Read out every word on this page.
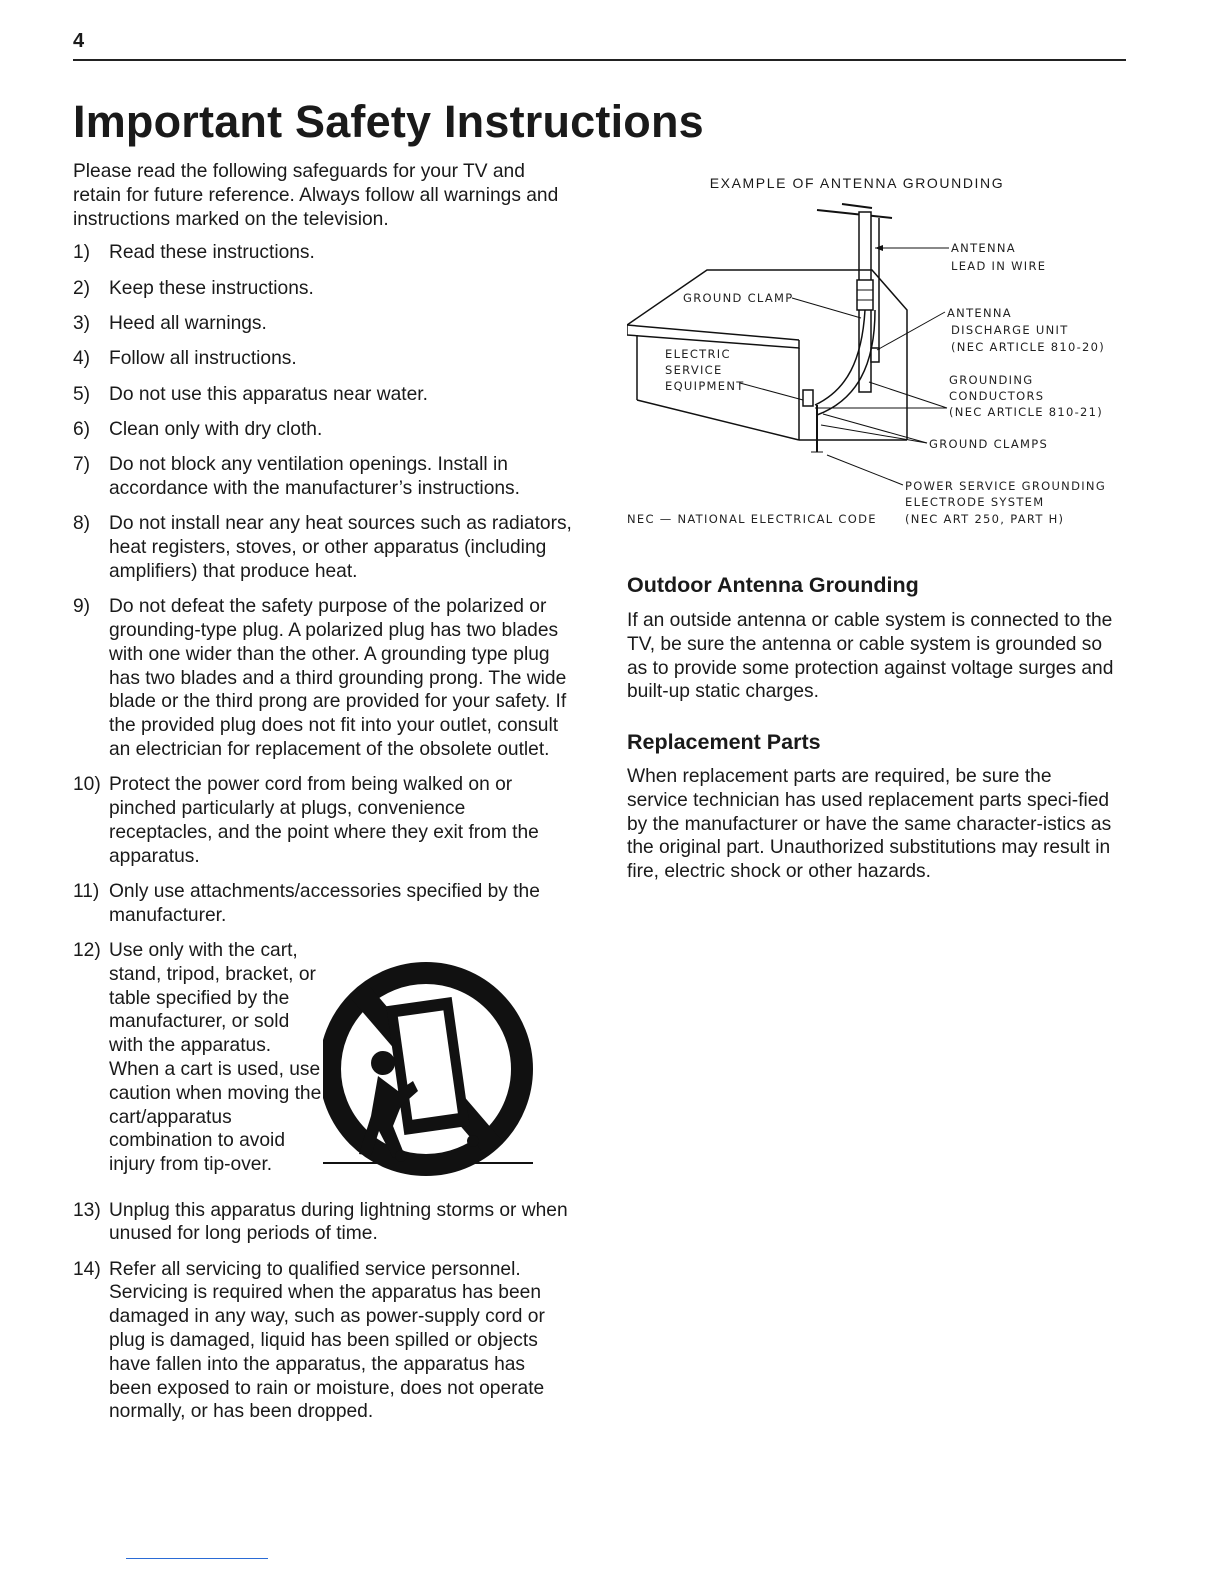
4
Important Safety Instructions

Please read the following safeguards for your TV and retain for future reference. Always follow all warnings and instructions marked on the television.

1) Read these instructions.
2) Keep these instructions.
3) Heed all warnings.
4) Follow all instructions.
5) Do not use this apparatus near water.
6) Clean only with dry cloth.
7) Do not block any ventilation openings. Install in accordance with the manufacturer’s instructions.
8) Do not install near any heat sources such as radiators, heat registers, stoves, or other apparatus (including amplifiers) that produce heat.
9) Do not defeat the safety purpose of the polarized or grounding-type plug. A polarized plug has two blades with one wider than the other. A grounding type plug has two blades and a third grounding prong. The wide blade or the third prong are provided for your safety. If the provided plug does not fit into your outlet, consult an electrician for replacement of the obsolete outlet.
10) Protect the power cord from being walked on or pinched particularly at plugs, convenience receptacles, and the point where they exit from the apparatus.
11) Only use attachments/accessories specified by the manufacturer.
12) Use only with the cart, stand, tripod, bracket, or table specified by the manufacturer, or sold with the apparatus. When a cart is used, use caution when moving the cart/apparatus combination to avoid injury from tip-over.
13) Unplug this apparatus during lightning storms or when unused for long periods of time.
14) Refer all servicing to qualified service personnel. Servicing is required when the apparatus has been damaged in any way, such as power-supply cord or plug is damaged, liquid has been spilled or objects have fallen into the apparatus, the apparatus has been exposed to rain or moisture, does not operate normally, or has been dropped.

EXAMPLE OF ANTENNA GROUNDING

ANTENNA
LEAD IN WIRE
GROUND CLAMP
ANTENNA
DISCHARGE UNIT
(NEC ARTICLE 810-20)
ELECTRIC
SERVICE
EQUIPMENT	GROUNDING
CONDUCTORS
(NEC ARTICLE 810-21)
GROUND CLAMPS
POWER SERVICE GROUNDING
ELECTRODE SYSTEM
(NEC ART 250, PART H)
NEC — NATIONAL ELECTRICAL CODE
Outdoor Antenna Grounding

If an outside antenna or cable system is connected to the TV, be sure the antenna or cable system is grounded so as to provide some protection against voltage surges and built-up static charges.

Replacement Parts

When replacement parts are required, be sure the service technician has used replacement parts speci-fied by the manufacturer or have the same character-istics as the original part. Unauthorized substitutions may result in fire, electric shock or other hazards.
